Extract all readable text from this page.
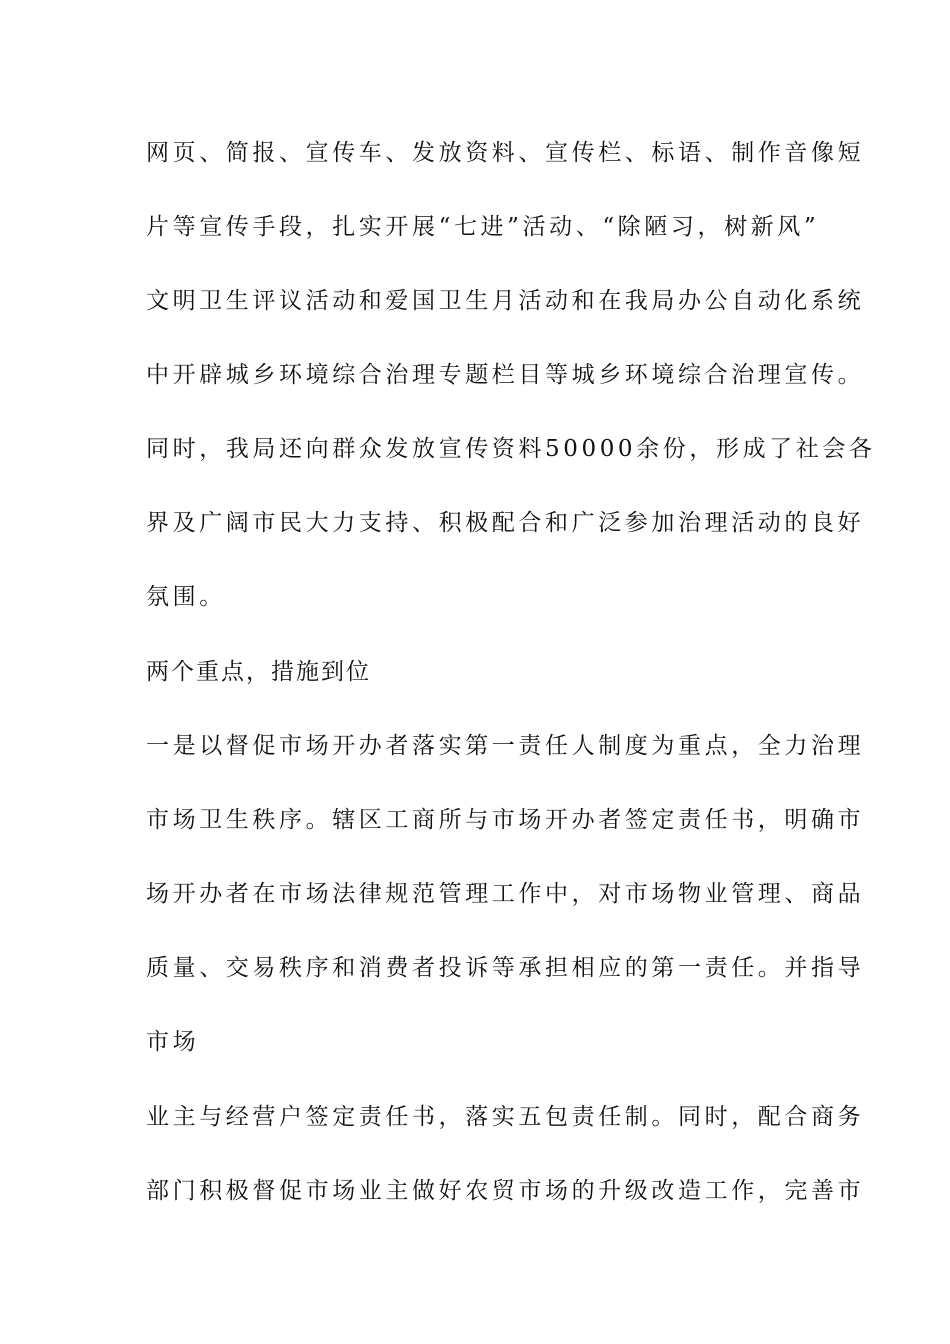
网页、简报、宣传车、发放资料、宣传栏、标语、制作音像短
片等宣传手段，扎实开展“七进”活动、“除陋习，树新风”
文明卫生评议活动和爱国卫生月活动和在我局办公自动化系统
中开辟城乡环境综合治理专题栏目等城乡环境综合治理宣传。
同时，我局还向群众发放宣传资料50000余份，形成了社会各
界及广阔市民大力支持、积极配合和广泛参加治理活动的良好
氛围。
两个重点，措施到位
一是以督促市场开办者落实第一责任人制度为重点，全力治理
市场卫生秩序。辖区工商所与市场开办者签定责任书，明确市
场开办者在市场法律规范管理工作中，对市场物业管理、商品
质量、交易秩序和消费者投诉等承担相应的第一责任。并指导
市场
业主与经营户签定责任书，落实五包责任制。同时，配合商务
部门积极督促市场业主做好农贸市场的升级改造工作，完善市
